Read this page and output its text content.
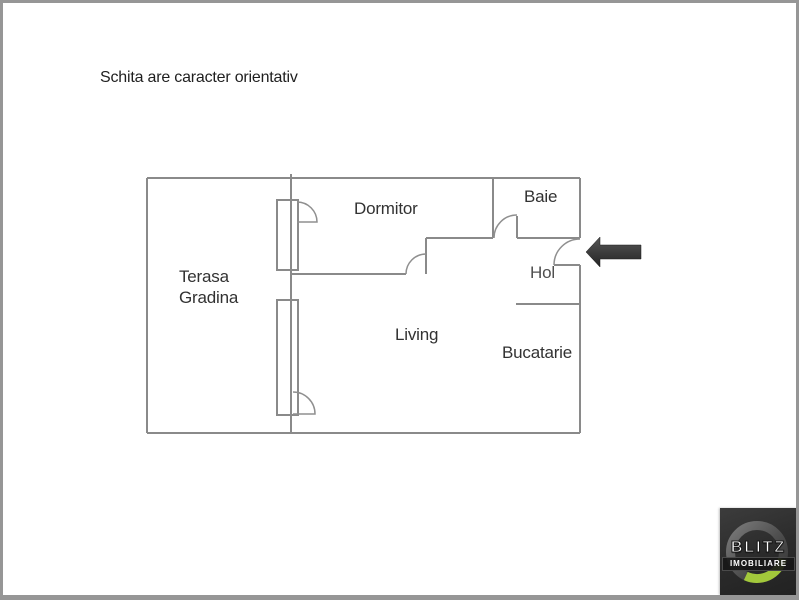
Schita are caracter orientativ
Terasa
Gradina
Dormitor
Baie
Hol
Living
Bucatarie
BLITZ
IMOBILIARE
